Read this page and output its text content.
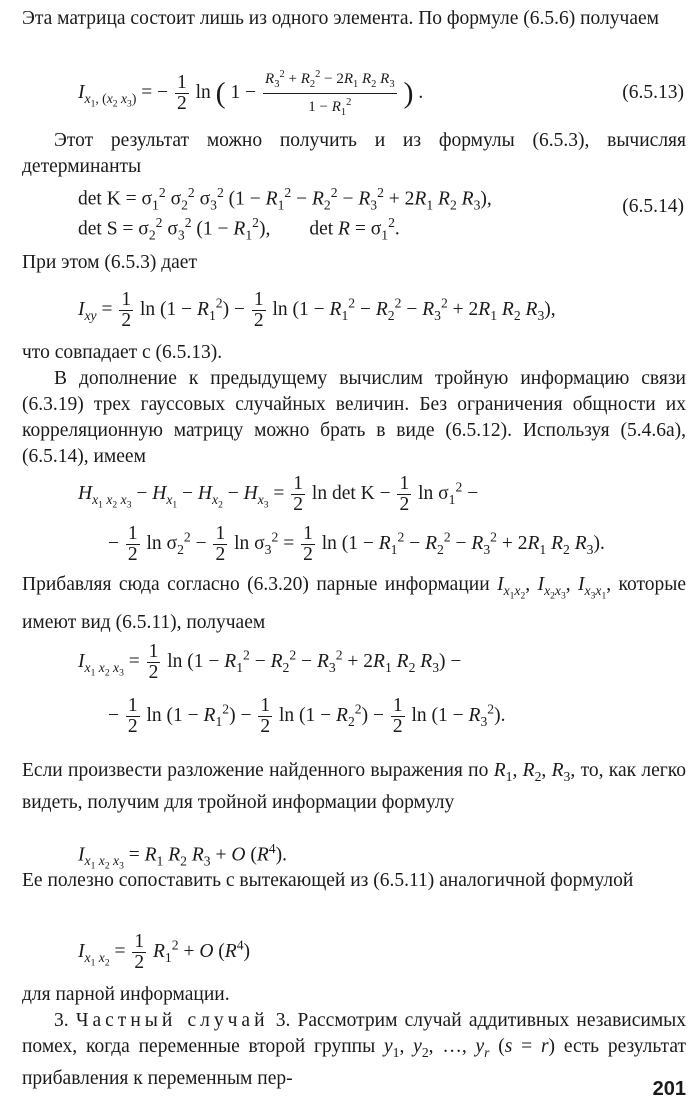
Эта матрица состоит лишь из одного элемента. По формуле (6.5.6) получаем
$I_{x_1, (x_2 x_3)}$ = − $\frac{1}{2}$ ln ( $1 - \frac{R_3^2 + R_2^2 - 2R_1 R_2 R_3}{1 - R_1^2}$ ) .	(6.5.13)
Этот результат можно получить и из формулы (6.5.3), вычисляя детерминанты
$\det K = \sigma_1^2$ $\sigma_2^2$ $\sigma_3^2$ ($1 - R_1^2 - R_2^2 - R_3^2 + 2R_1$ $R_2$ $R_3$),
$\det S = \sigma_2^2$ $\sigma_3^2$ $(1 - R_1^2)$,        $\det R = \sigma_1^2$.
(6.5.14)
При этом (6.5.3) дает
$I_{xy} = \frac{1}{2}$ $\ln (1 - R_1^2) - \frac{1}{2}$ $\ln (1 - R_1^2 - R_2^2 - R_3^2 + 2R_1$ $R_2$ $R_3$),
что совпадает с (6.5.13).
В дополнение к предыдущему вычислим тройную информацию связи (6.3.19) трех гауссовых случайных величин. Без ограничения общности их корреляционную матрицу можно брать в виде (6.5.12). Используя (5.4.6а), (6.5.14), имеем
$H_{x_1 x_2 x_3} - H_{x_1} - H_{x_2} - H_{x_3} = \frac{1}{2}$ $\ln \det K - \frac{1}{2}$ $\ln \sigma_1^2$ −
− $\frac{1}{2}$ $\ln \sigma_2^2 - \frac{1}{2}$ $\ln \sigma_3^2 = \frac{1}{2}$ $\ln (1 - R_1^2 - R_2^2 - R_3^2 + 2R_1$ $R_2$ $R_3$).
Прибавляя сюда согласно (6.3.20) парные информации $I_{x_1x_2}$, $I_{x_2x_3}$, $I_{x_3x_1}$, которые имеют вид (6.5.11), получаем
$I_{x_1 x_2 x_3} = \frac{1}{2}$ $\ln (1 - R_1^2 - R_2^2 - R_3^2 + 2R_1$ $R_2$ $R_3$) −
− $\frac{1}{2}$ $\ln (1 - R_1^2) - \frac{1}{2}$ $\ln (1 - R_2^2) - \frac{1}{2}$ $\ln (1 - R_3^2)$.
Если произвести разложение найденного выражения по $R_1$, $R_2$, $R_3$, то, как легко видеть, получим для тройной информации формулу
$I_{x_1 x_2 x_3} = R_1$ $R_2$ $R_3 + O$ $(R^4)$.
Ее полезно сопоставить с вытекающей из (6.5.11) аналогичной формулой
$I_{x_1 x_2} = \frac{1}{2} R_1^2 + O$ $(R^4)$
для парной информации.
3. Частный случай 3. Рассмотрим случай аддитивных независимых помех, когда переменные второй группы $y_1$, $y_2$, …, $y_r$ (s = r) есть результат прибавления к переменным пер-	201
